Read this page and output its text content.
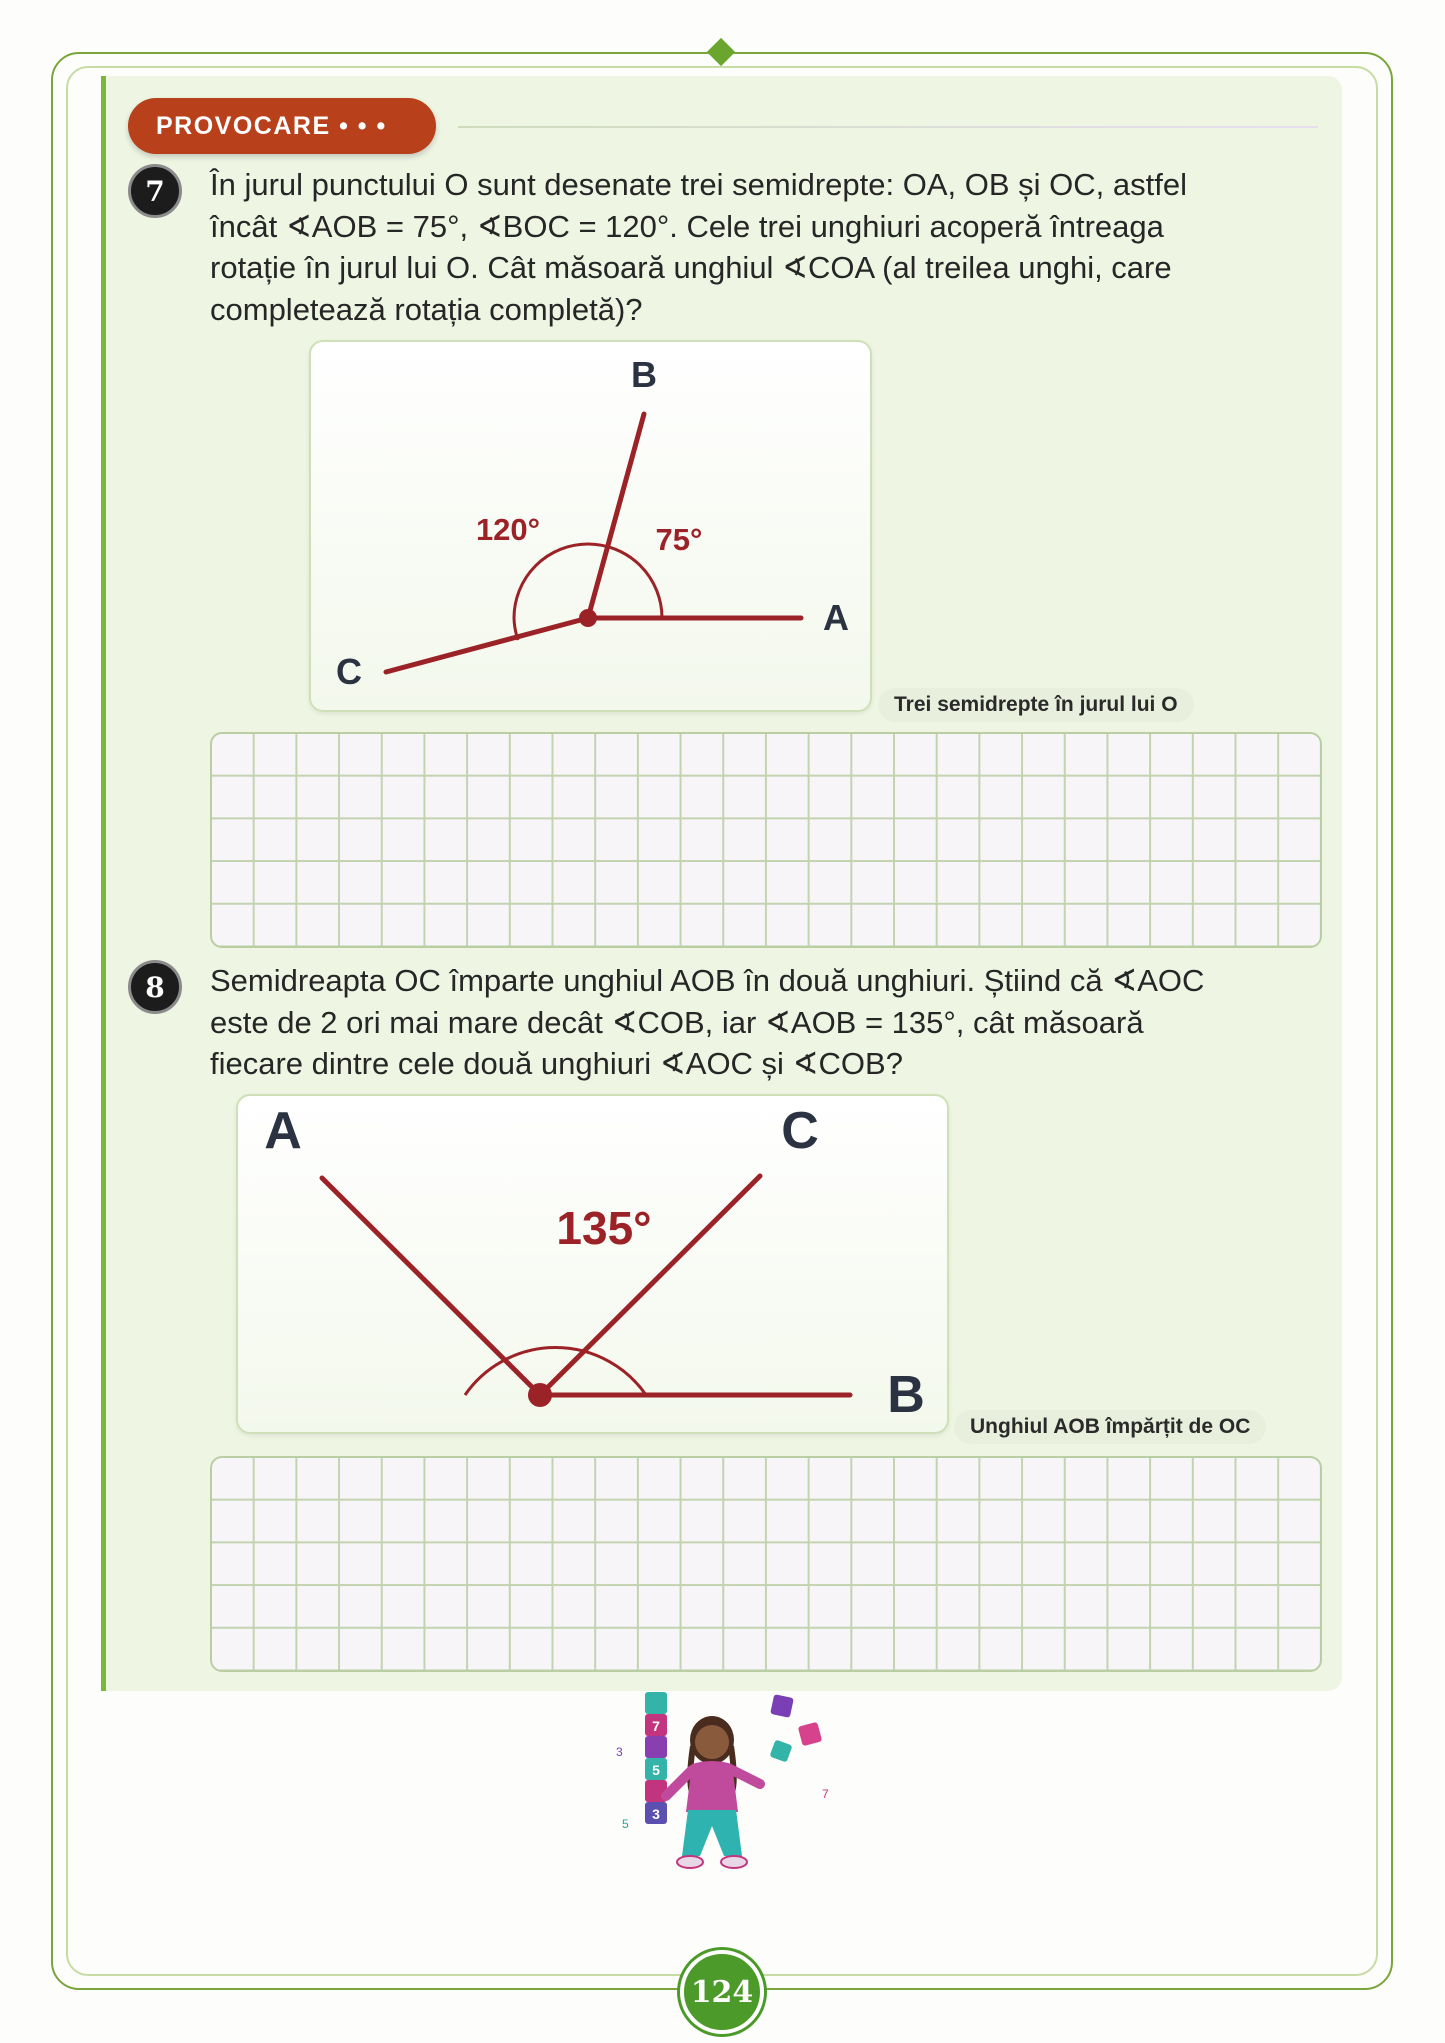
PROVOCARE • • •
7 În jurul punctului O sunt desenate trei semidrepte: OA, OB și OC, astfel
încât ∢AOB = 75°, ∢BOC = 120°. Cele trei unghiuri acoperă întreaga
rotație în jurul lui O. Cât măsoară unghiul ∢COA (al treilea unghi, care
completează rotația completă)?
B
A
C
120°	75°
Trei semidrepte în jurul lui O
8 Semidreapta OC împarte unghiul AOB în două unghiuri. Știind că ∢AOC
este de 2 ori mai mare decât ∢COB, iar ∢AOB = 135°, cât măsoară
fiecare dintre cele două unghiuri ∢AOC și ∢COB?
A	C
B
135°
Unghiul AOB împărțit de OC
7
5
3
3
5
7
124
